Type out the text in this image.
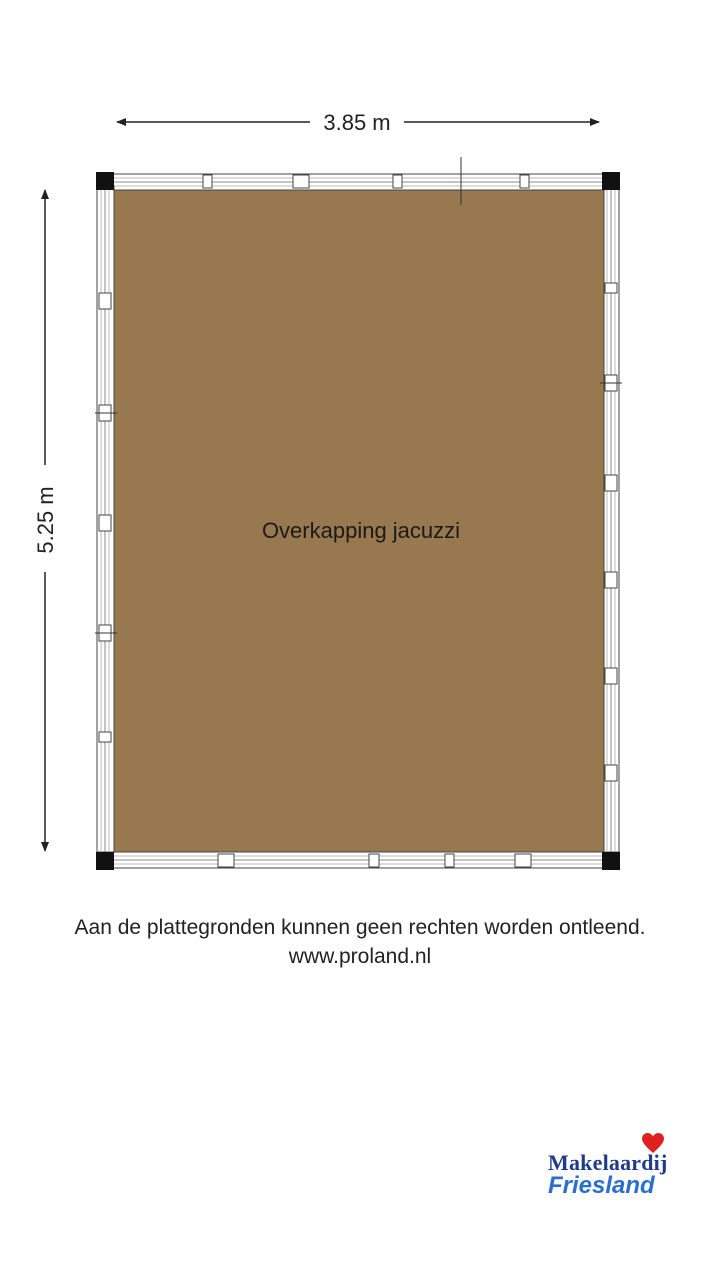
3.85 m
5.25 m	Overkapping jacuzzi
Aan de plattegronden kunnen geen rechten worden ontleend.
www.proland.nl
Makelaardij
Friesland
